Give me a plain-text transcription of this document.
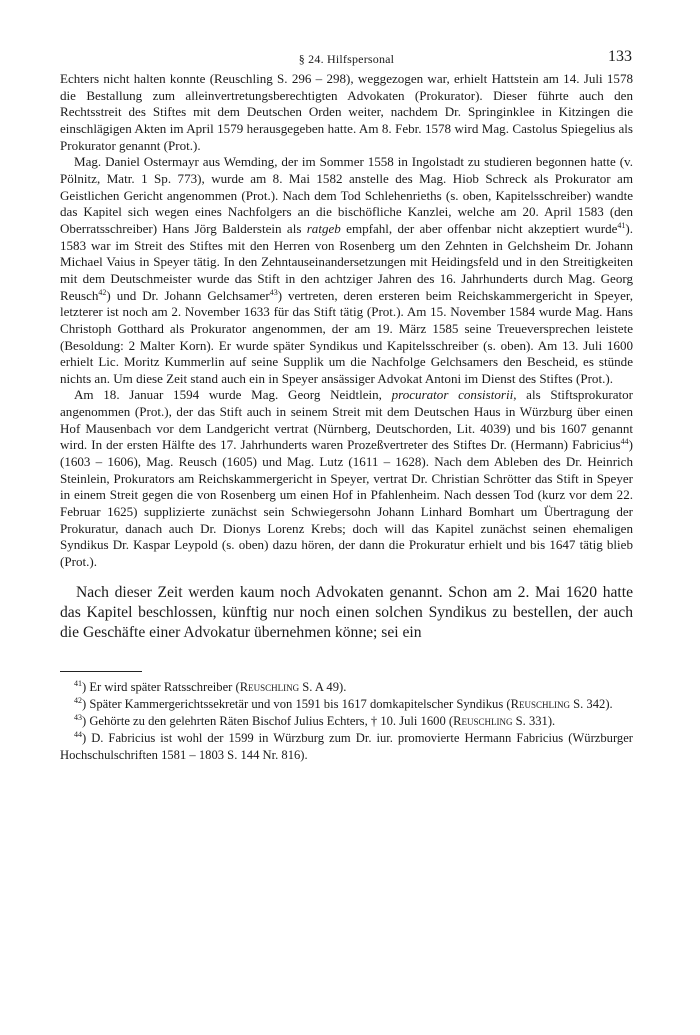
§ 24. Hilfspersonal	133

Echters nicht halten konnte (Reuschling S. 296 – 298), weggezogen war, erhielt Hattstein am 14. Juli 1578 die Bestallung zum alleinvertretungsberechtigten Advokaten (Prokurator). Dieser führte auch den Rechtsstreit des Stiftes mit dem Deutschen Orden weiter, nachdem Dr. Springinklee in Kitzingen die einschlägigen Akten im April 1579 herausgegeben hatte. Am 8. Febr. 1578 wird Mag. Castolus Spiegelius als Prokurator genannt (Prot.).

Mag. Daniel Ostermayr aus Wemding, der im Sommer 1558 in Ingolstadt zu studieren begonnen hatte (v. Pölnitz, Matr. 1 Sp. 773), wurde am 8. Mai 1582 anstelle des Mag. Hiob Schreck als Prokurator am Geistlichen Gericht angenommen (Prot.). Nach dem Tod Schlehenrieths (s. oben, Kapitelsschreiber) wandte das Kapitel sich wegen eines Nachfolgers an die bischöfliche Kanzlei, welche am 20. April 1583 (den Oberratsschreiber) Hans Jörg Balderstein als ratgeb empfahl, der aber offenbar nicht akzeptiert wurde$^{41}$). 1583 war im Streit des Stiftes mit den Herren von Rosenberg um den Zehnten in Gelchsheim Dr. Johann Michael Vaius in Speyer tätig. In den Zehntauseinandersetzungen mit Heidingsfeld und in den Streitigkeiten mit dem Deutschmeister wurde das Stift in den achtziger Jahren des 16. Jahrhunderts durch Mag. Georg Reusch$^{42}$) und Dr. Johann Gelchsamer$^{43}$) vertreten, deren ersteren beim Reichskammergericht in Speyer, letzterer ist noch am 2. November 1633 für das Stift tätig (Prot.). Am 15. November 1584 wurde Mag. Hans Christoph Gotthard als Prokurator angenommen, der am 19. März 1585 seine Treueversprechen leistete (Besoldung: 2 Malter Korn). Er wurde später Syndikus und Kapitelsschreiber (s. oben). Am 13. Juli 1600 erhielt Lic. Moritz Kummerlin auf seine Supplik um die Nachfolge Gelchsamers den Bescheid, es stünde nichts an. Um diese Zeit stand auch ein in Speyer ansässiger Advokat Antoni im Dienst des Stiftes (Prot.).

Am 18. Januar 1594 wurde Mag. Georg Neidtlein, procurator consistorii, als Stiftsprokurator angenommen (Prot.), der das Stift auch in seinem Streit mit dem Deutschen Haus in Würzburg über einen Hof Mausenbach vor dem Landgericht vertrat (Nürnberg, Deutschorden, Lit. 4039) und bis 1607 genannt wird. In der ersten Hälfte des 17. Jahrhunderts waren Prozeßvertreter des Stiftes Dr. (Hermann) Fabricius$^{44}$) (1603 – 1606), Mag. Reusch (1605) und Mag. Lutz (1611 – 1628). Nach dem Ableben des Dr. Heinrich Steinlein, Prokurators am Reichskammergericht in Speyer, vertrat Dr. Christian Schrötter das Stift in Speyer in einem Streit gegen die von Rosenberg um einen Hof in Pfahlenheim. Nach dessen Tod (kurz vor dem 22. Februar 1625) supplizierte zunächst sein Schwiegersohn Johann Linhard Bomhart um Übertragung der Prokuratur, danach auch Dr. Dionys Lorenz Krebs; doch will das Kapitel zunächst seinen ehemaligen Syndikus Dr. Kaspar Leypold (s. oben) dazu hören, der dann die Prokuratur erhielt und bis 1647 tätig blieb (Prot.).

Nach dieser Zeit werden kaum noch Advokaten genannt. Schon am 2. Mai 1620 hatte das Kapitel beschlossen, künftig nur noch einen solchen Syndikus zu bestellen, der auch die Geschäfte einer Advokatur übernehmen könne; sei ein

$^{41}$) Er wird später Ratsschreiber (Reuschling S. A 49).

$^{42}$) Später Kammergerichtssekretär und von 1591 bis 1617 domkapitelscher Syndikus (Reuschling S. 342).

$^{43}$) Gehörte zu den gelehrten Räten Bischof Julius Echters, † 10. Juli 1600 (Reuschling S. 331).

$^{44}$) D. Fabricius ist wohl der 1599 in Würzburg zum Dr. iur. promovierte Hermann Fabricius (Würzburger Hochschulschriften 1581 – 1803 S. 144 Nr. 816).
